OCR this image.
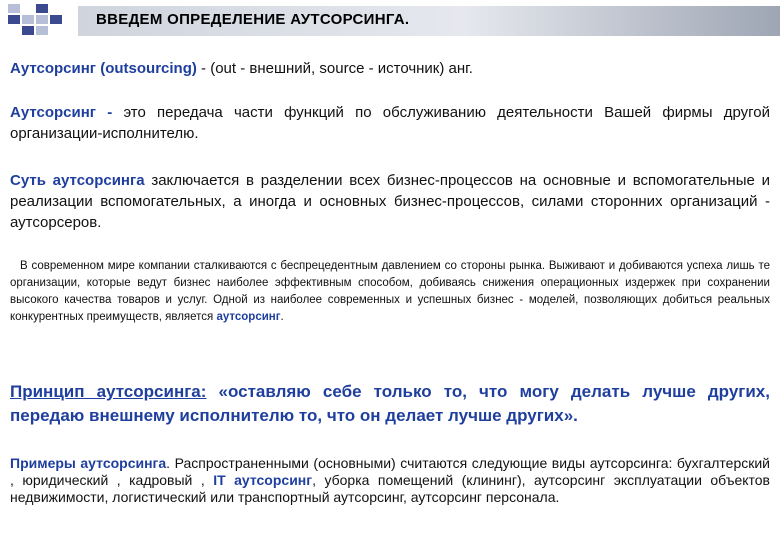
ВВЕДЕМ ОПРЕДЕЛЕНИЕ АУТСОРСИНГА.
Аутсорсинг (outsourcing) - (out - внешний, source - источник) анг.
Аутсорсинг - это передача части функций по обслуживанию деятельности Вашей фирмы другой организации-исполнителю.
Суть аутсорсинга заключается в разделении всех бизнес-процессов на основные и вспомогательные и реализации вспомогательных, а иногда и основных бизнес-процессов, силами сторонних организаций - аутсорсеров.
В современном мире компании сталкиваются с беспрецедентным давлением со стороны рынка. Выживают и добиваются успеха лишь те организации, которые ведут бизнес наиболее эффективным способом, добиваясь снижения операционных издержек при сохранении высокого качества товаров и услуг. Одной из наиболее современных и успешных бизнес - моделей, позволяющих добиться реальных конкурентных преимуществ, является аутсорсинг.
Принцип аутсорсинга: «оставляю себе только то, что могу делать лучше других, передаю внешнему исполнителю то, что он делает лучше других».
Примеры аутсорсинга. Распространенными (основными) считаются следующие виды аутсорсинга: бухгалтерский , юридический , кадровый , IT аутсорсинг, уборка помещений (клининг), аутсорсинг эксплуатации объектов недвижимости, логистический или транспортный аутсорсинг, аутсорсинг персонала.
